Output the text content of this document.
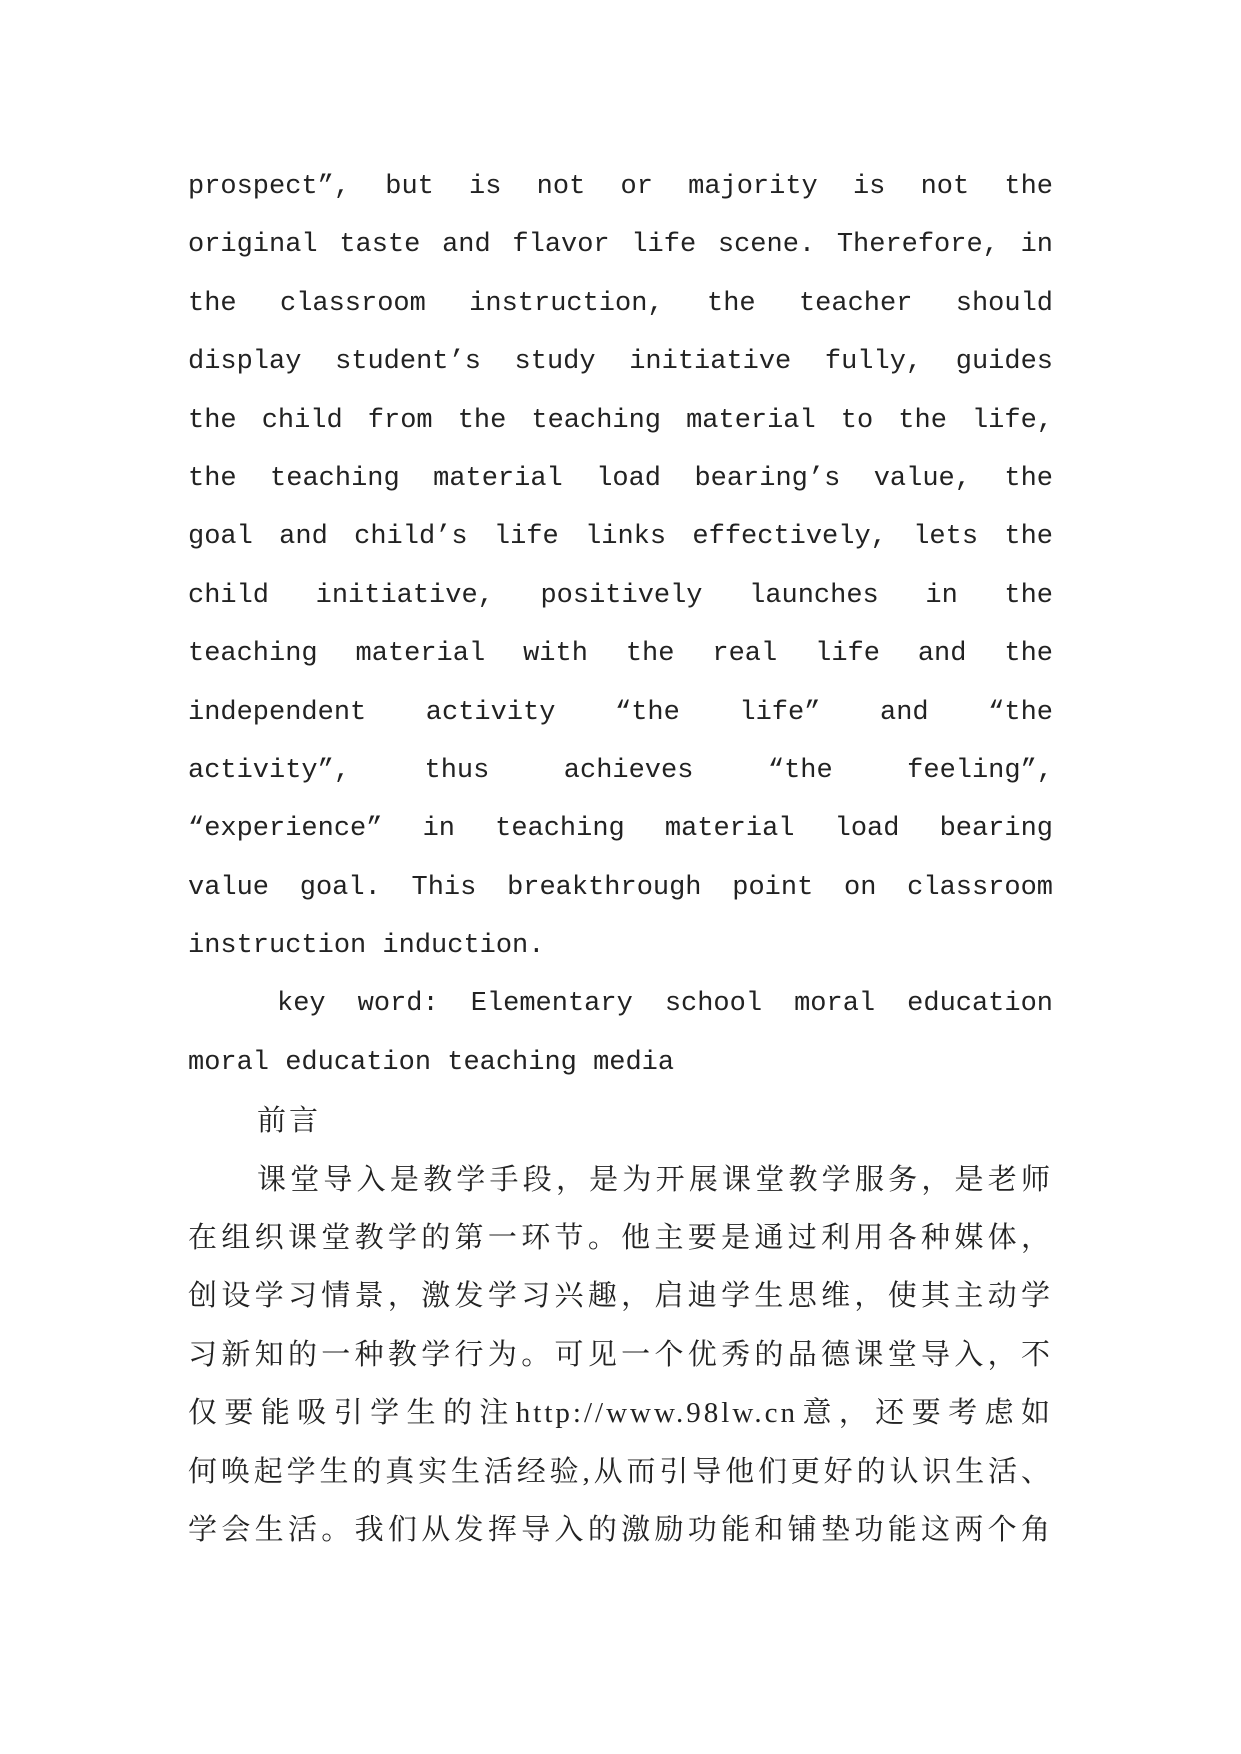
prospect”, but is not or majority is not the
original taste and flavor life scene. Therefore, in
the classroom instruction, the teacher should
display student’s study initiative fully, guides
the child from the teaching material to the life,
the teaching material load bearing’s value, the
goal and child’s life links effectively, lets the
child initiative, positively launches in the
teaching material with the real life and the
independent activity “the life” and “the
activity”, thus achieves “the feeling”,
“experience” in teaching material load bearing
value goal. This breakthrough point on classroom
instruction induction.
key word: Elementary school moral education
moral education teaching media
前言
课堂导入是教学手段，是为开展课堂教学服务，是老师
在组织课堂教学的第一环节。他主要是通过利用各种媒体，
创设学习情景，激发学习兴趣，启迪学生思维，使其主动学
习新知的一种教学行为。可见一个优秀的品德课堂导入，不
仅要能吸引学生的注http://www.98lw.cn意，还要考虑如
何唤起学生的真实生活经验,从而引导他们更好的认识生活、
学会生活。我们从发挥导入的激励功能和铺垫功能这两个角
